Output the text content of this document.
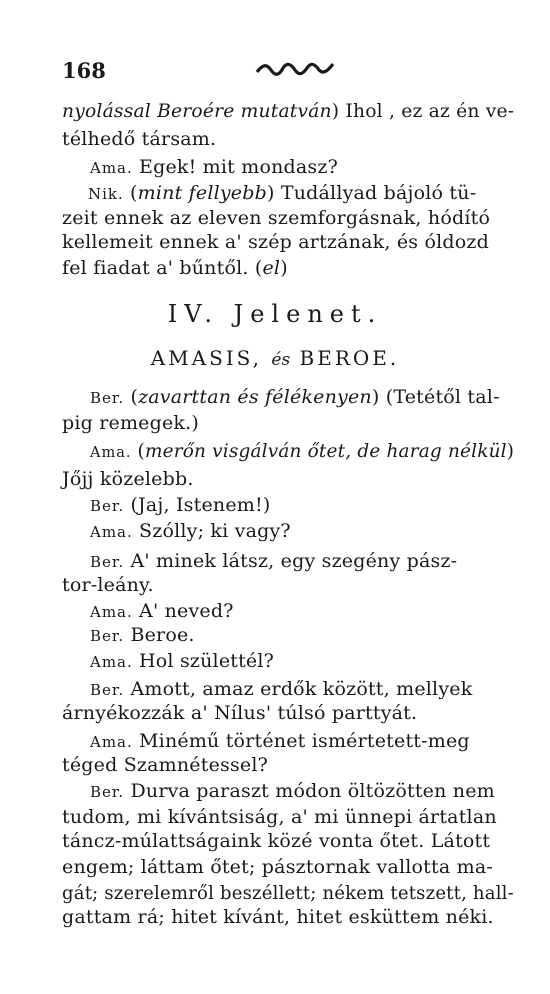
168
nyolással Beroére mutatván) Ihol , ez az én ve-
télhedő társam.
Ama. Egek! mit mondasz?
Nik. (mint fellyebb) Tudállyad bájoló tü-
zeit ennek az eleven szemforgásnak, hódító
kellemeit ennek a' szép artzának, és óldozd
fel fiadat a' bűntől. (el)
Ber. (zavarttan és félékenyen) (Tetétől tal-
pig remegek.)
Ama. (merőn visgálván őtet, de harag nélkül)
Jőjj közelebb.
Ber. (Jaj, Istenem!)
Ama. Szólly; ki vagy?
Ber. A' minek látsz, egy szegény pász-
tor-leány.
Ama. A' neved?
Ber. Beroe.
Ama. Hol születtél?
Ber. Amott, amaz erdők között, mellyek
árnyékozzák a' Nílus' túlsó parttyát.
Ama. Minémű történet ismértetett-meg
téged Szamnétessel?
Ber. Durva paraszt módon öltözötten nem
tudom, mi kívántsiság, a' mi ünnepi ártatlan
táncz-múlattságaink közé vonta őtet. Látott
engem; láttam őtet; pásztornak vallotta ma-
gát; szerelemről beszéllett; nékem tetszett, hall-
gattam rá; hitet kívánt, hitet esküttem néki.
IV. Jelenet.
AMASIS, és BEROE.
